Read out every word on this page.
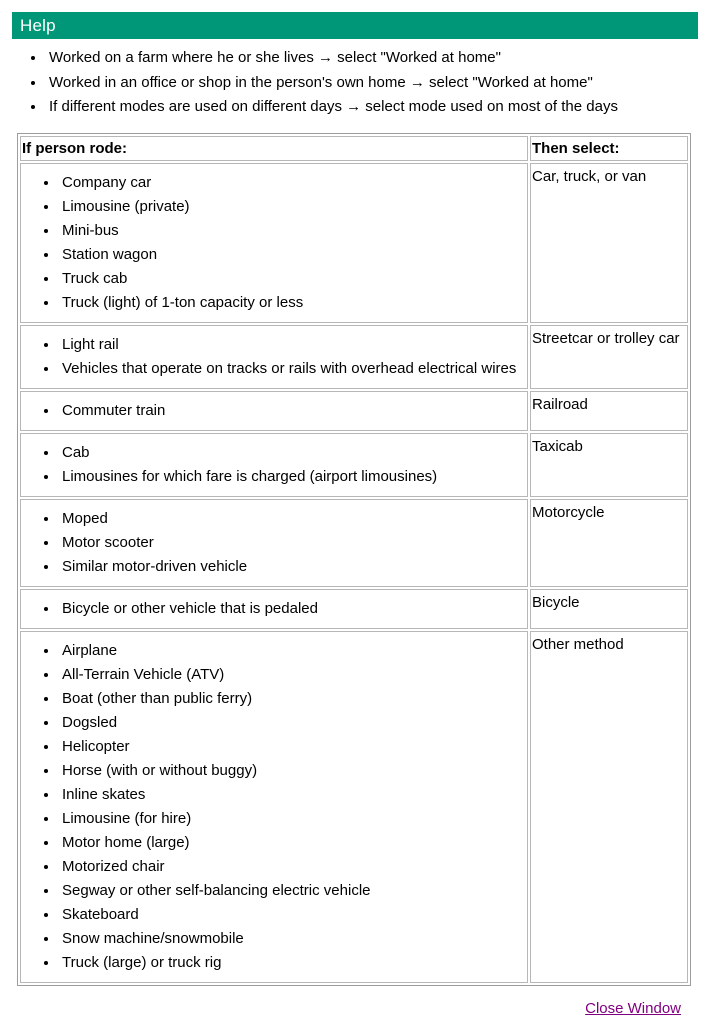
Help
• Worked on a farm where he or she lives → select "Worked at home"
• Worked in an office or shop in the person's own home → select "Worked at home"
• If different modes are used on different days → select mode used on most of the days
If person rode:	Then select:

• Company car
• Limousine (private)
• Mini-bus
• Station wagon
• Truck cab
• Truck (light) of 1-ton capacity or less
	Car, truck, or van

• Light rail
• Vehicles that operate on tracks or rails with overhead electrical wires
	Streetcar or trolley car

• Commuter train	Railroad

• Cab
• Limousines for which fare is charged (airport limousines)
	Taxicab

• Moped
• Motor scooter
• Similar motor-driven vehicle
	Motorcycle

• Bicycle or other vehicle that is pedaled	Bicycle

• Airplane
• All-Terrain Vehicle (ATV)
• Boat (other than public ferry)
• Dogsled
• Helicopter
• Horse (with or without buggy)
• Inline skates
• Limousine (for hire)
• Motor home (large)
• Motorized chair
• Segway or other self-balancing electric vehicle
• Skateboard
• Snow machine/snowmobile
• Truck (large) or truck rig
	Other method
Close Window
